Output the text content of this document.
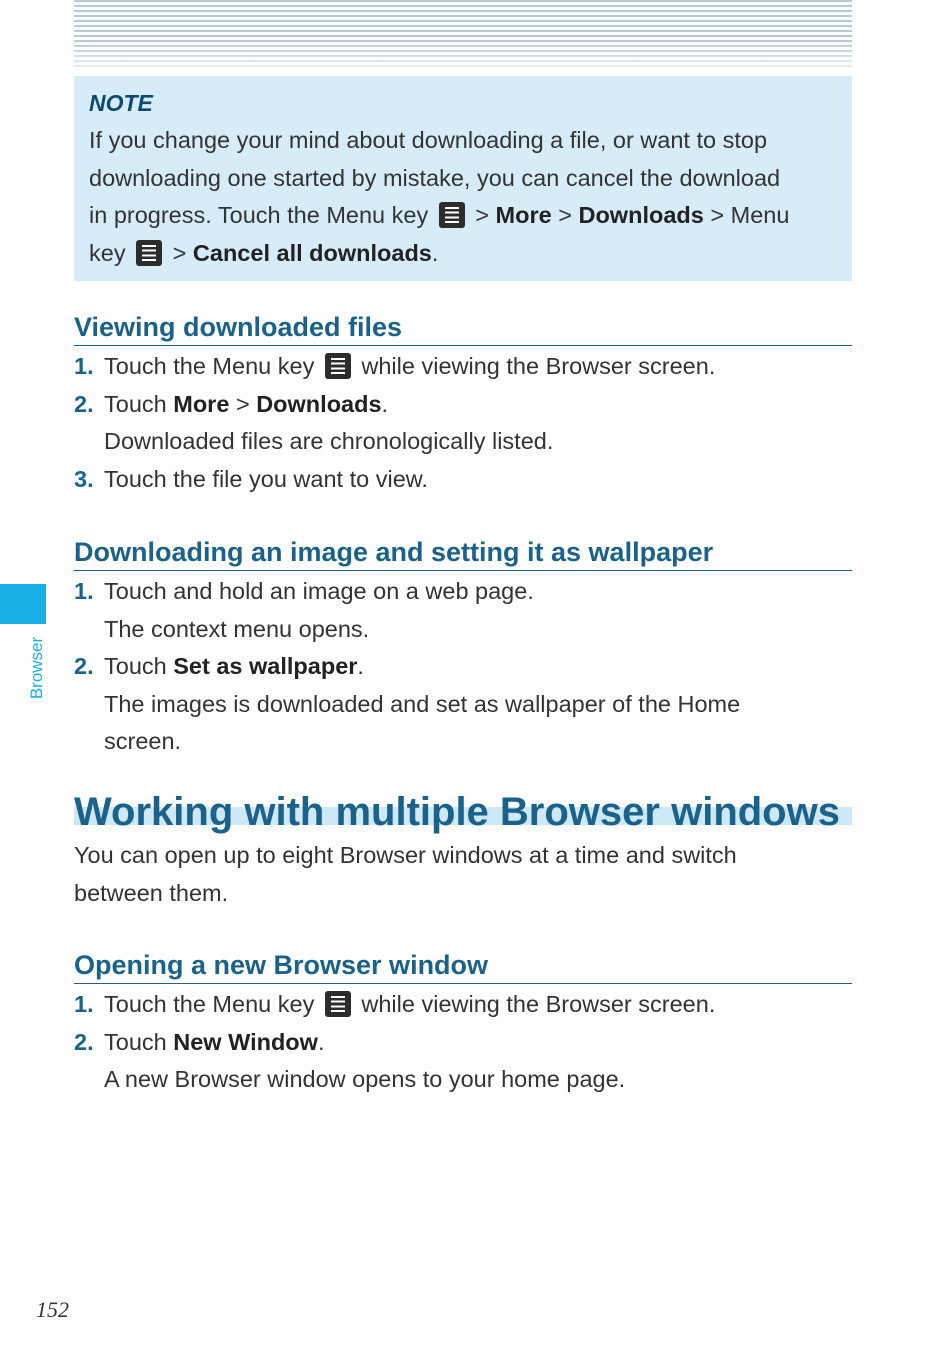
NOTE
If you change your mind about downloading a file, or want to stop
downloading one started by mistake, you can cancel the download
in progress. Touch the Menu key > More > Downloads > Menu
key > Cancel all downloads.
Viewing downloaded files
1. Touch the Menu key while viewing the Browser screen.
2. Touch More > Downloads.
Downloaded files are chronologically listed.
3. Touch the file you want to view.
Downloading an image and setting it as wallpaper
1. Touch and hold an image on a web page.
The context menu opens.
2. Touch Set as wallpaper.
The images is downloaded and set as wallpaper of the Home
screen.
Working with multiple Browser windows
You can open up to eight Browser windows at a time and switch
between them.
Opening a new Browser window
1. Touch the Menu key while viewing the Browser screen.
2. Touch New Window.
A new Browser window opens to your home page.
Browser
152
